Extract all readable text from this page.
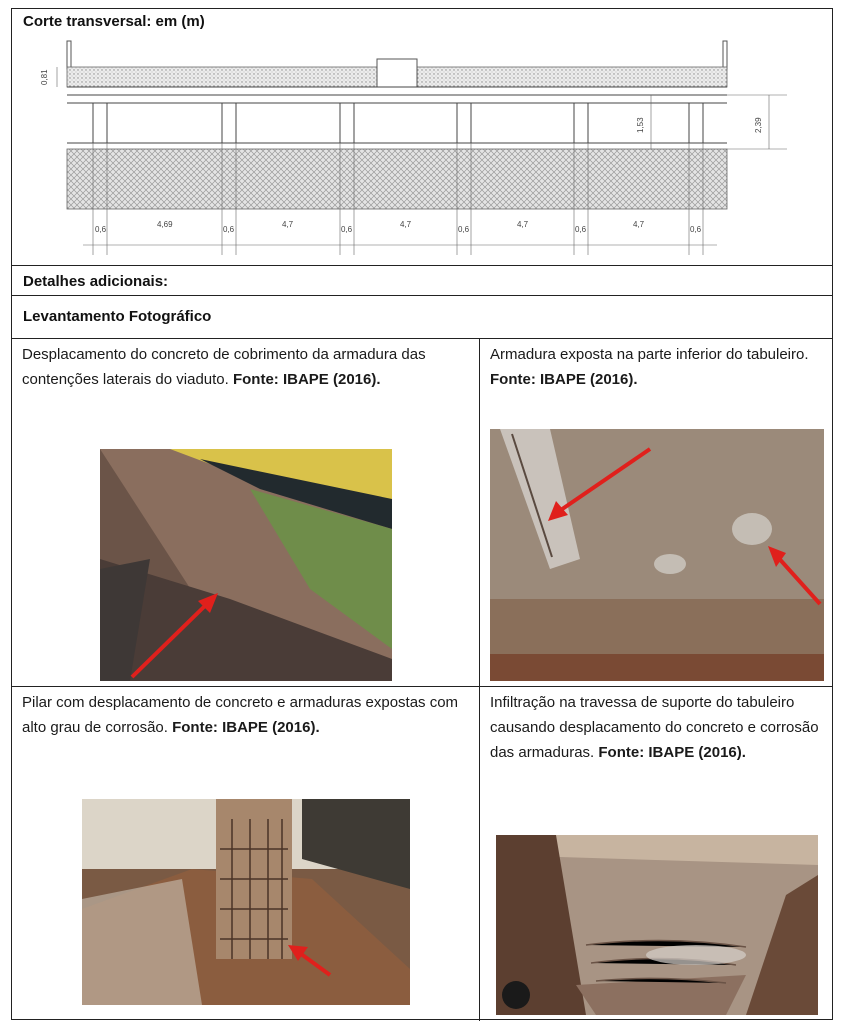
Corte transversal: em (m)
0,6
4,69
0,6
4,7
0,6
4,7
0,6
4,7
0,6
4,7
0,6
0,81
1,53	2,39
Detalhes adicionais:
Levantamento Fotográfico
Desplacamento do concreto de cobrimento da armadura das contenções laterais do viaduto. Fonte: IBAPE (2016).
Armadura exposta na parte inferior do tabuleiro. Fonte: IBAPE (2016).
Pilar com desplacamento de concreto e armaduras expostas com alto grau de corrosão. Fonte: IBAPE (2016).
Infiltração na travessa de suporte do tabuleiro causando desplacamento do concreto e corrosão das armaduras. Fonte: IBAPE (2016).
